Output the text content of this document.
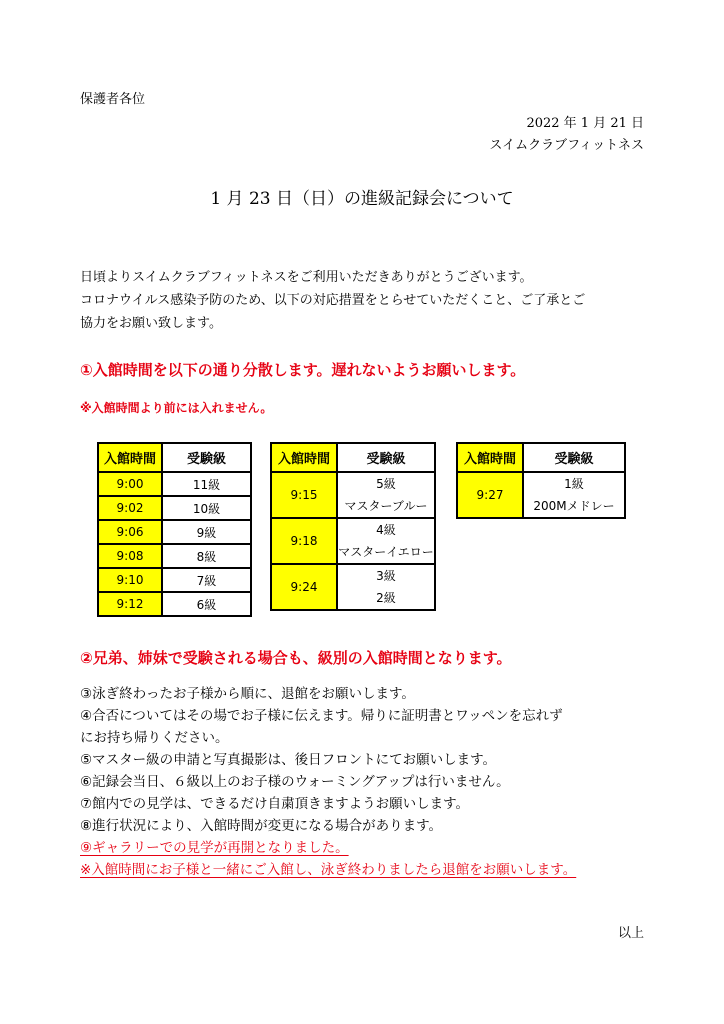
保護者各位
2022 年 1 月 21 日
スイムクラブフィットネス
1 月 23 日（日）の進級記録会について
日頃よりスイムクラブフィットネスをご利用いただきありがとうございます。
コロナウイルス感染予防のため、以下の対応措置をとらせていただくこと、ご了承とご
協力をお願い致します。
①入館時間を以下の通り分散します。遅れないようお願いします。
※入館時間より前には入れません。
入館時間	受験級
9:00	11級
9:02	10級
9:06	9級
9:08	8級
9:10	7級
9:12	6級
入館時間	受験級
9:15	5級
マスターブルー

9:18	4級
マスターイエロー

9:24	3級
2級
入館時間	受験級
9:27	1級
200Mメドレー
②兄弟、姉妹で受験される場合も、級別の入館時間となります。
③泳ぎ終わったお子様から順に、退館をお願いします。
④合否についてはその場でお子様に伝えます。帰りに証明書とワッペンを忘れず
にお持ち帰りください。
⑤マスター級の申請と写真撮影は、後日フロントにてお願いします。
⑥記録会当日、６級以上のお子様のウォーミングアップは行いません。
⑦館内での見学は、できるだけ自粛頂きますようお願いします。
⑧進行状況により、入館時間が変更になる場合があります。
⑨ギャラリーでの見学が再開となりました。
※入館時間にお子様と一緒にご入館し、泳ぎ終わりましたら退館をお願いします。
以上
